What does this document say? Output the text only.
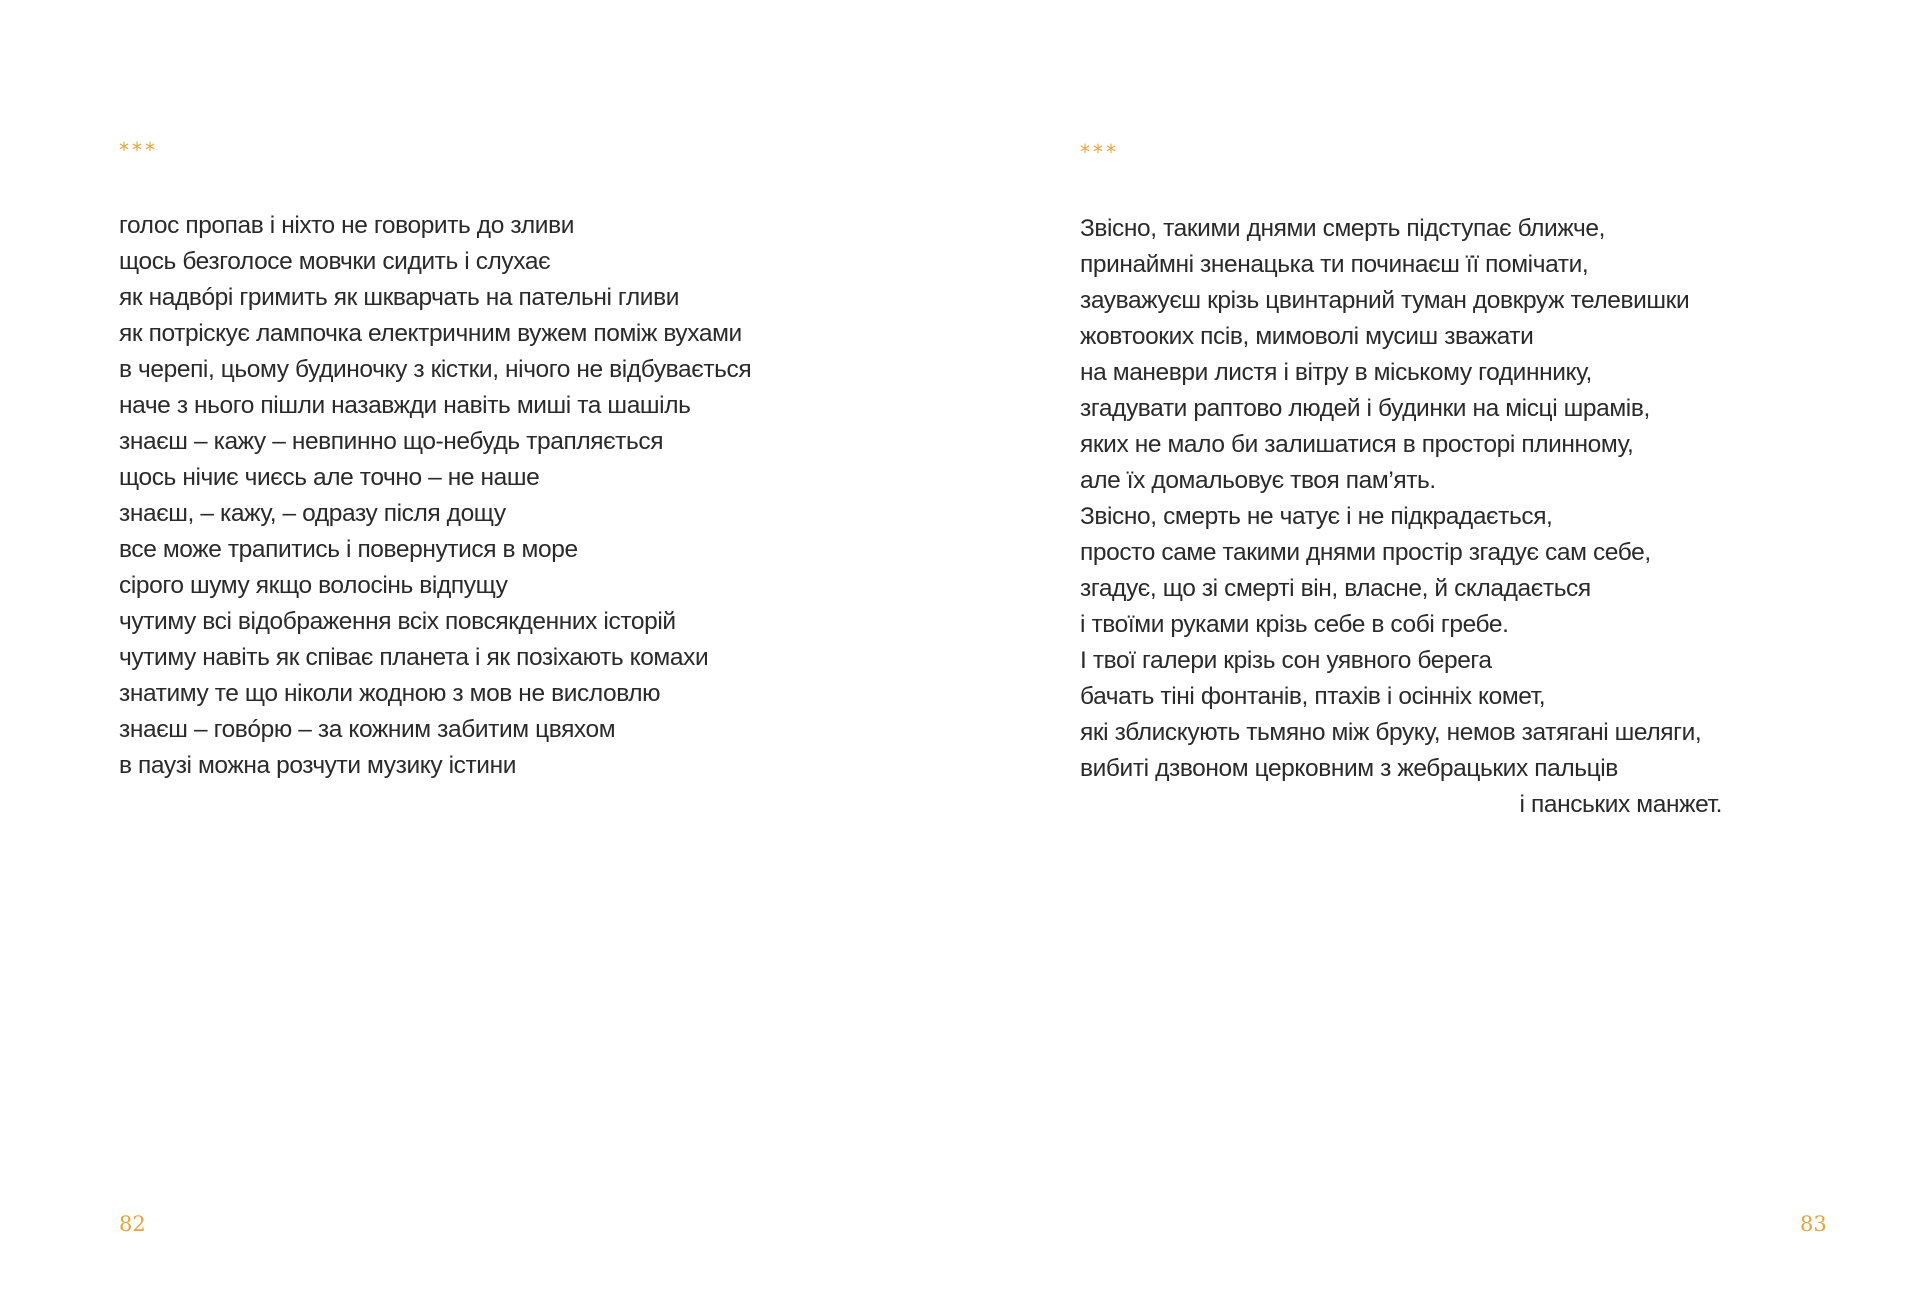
***
голос пропав і ніхто не говорить до зливи
щось безголосе мовчки сидить і слухає
як надвóрі гримить як шкварчать на пательні гливи
як потріскує лампочка електричним вужем поміж вухами
в черепі, цьому будиночку з кістки, нічого не відбувається
наче з нього пішли назавжди навіть миші та шашіль
знаєш – кажу – невпинно що-небудь трапляється
щось нічиє чиєсь але точно – не наше
знаєш, – кажу, – одразу після дощу
все може трапитись і повернутися в море
сірого шуму якщо волосінь відпущу
чутиму всі відображення всіх повсякденних історій
чутиму навіть як співає планета і як позіхають комахи
знатиму те що ніколи жодною з мов не висловлю
знаєш – говóрю – за кожним забитим цвяхом
в паузі можна розчути музику істини
82
***
Звісно, такими днями смерть підступає ближче,
принаймні зненацька ти починаєш її помічати,
зауважуєш крізь цвинтарний туман довкруж телевишки
жовтооких псів, мимоволі мусиш зважати
на маневри листя і вітру в міському годиннику,
згадувати раптово людей і будинки на місці шрамів,
яких не мало би залишатися в просторі плинному,
але їх домальовує твоя пам’ять.
Звісно, смерть не чатує і не підкрадається,
просто саме такими днями простір згадує сам себе,
згадує, що зі смерті він, власне, й складається
і твоїми руками крізь себе в собі гребе.
І твої галери крізь сон уявного берега
бачать тіні фонтанів, птахів і осінніх комет,
які зблискують тьмяно між бруку, немов затягані шеляги,
вибиті дзвоном церковним з жебрацьких пальців
і панських манжет.
83
